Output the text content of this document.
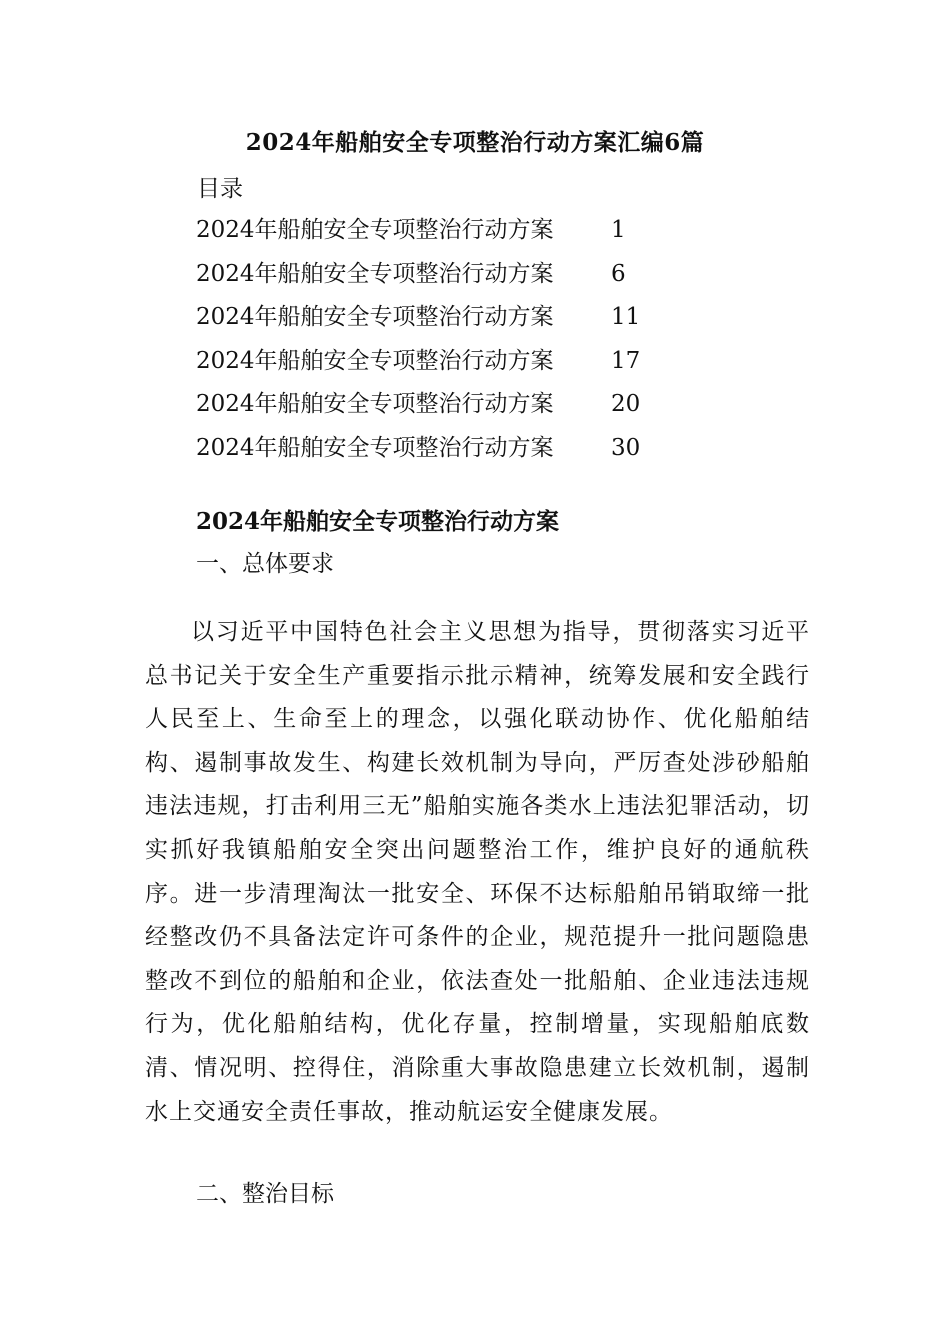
2024年船舶安全专项整治行动方案汇编6篇
目录
2024年船舶安全专项整治行动方案	1
2024年船舶安全专项整治行动方案	6
2024年船舶安全专项整治行动方案	11
2024年船舶安全专项整治行动方案	17
2024年船舶安全专项整治行动方案	20
2024年船舶安全专项整治行动方案	30
2024年船舶安全专项整治行动方案
一、总体要求

以习近平中国特色社会主义思想为指导，贯彻落实习近平总书记关于安全生产重要指示批示精神，统筹发展和安全践行人民至上、生命至上的理念，以强化联动协作、优化船舶结构、遏制事故发生、构建长效机制为导向，严厉查处涉砂船舶违法违规，打击利用三无”船舶实施各类水上违法犯罪活动，切实抓好我镇船舶安全突出问题整治工作，维护良好的通航秩序。进一步清理淘汰一批安全、环保不达标船舶吊销取缔一批经整改仍不具备法定许可条件的企业，规范提升一批问题隐患整改不到位的船舶和企业，依法查处一批船舶、企业违法违规行为，优化船舶结构，优化存量，控制增量，实现船舶底数清、情况明、控得住，消除重大事故隐患建立长效机制，遏制水上交通安全责任事故，推动航运安全健康发展。

二、整治目标
